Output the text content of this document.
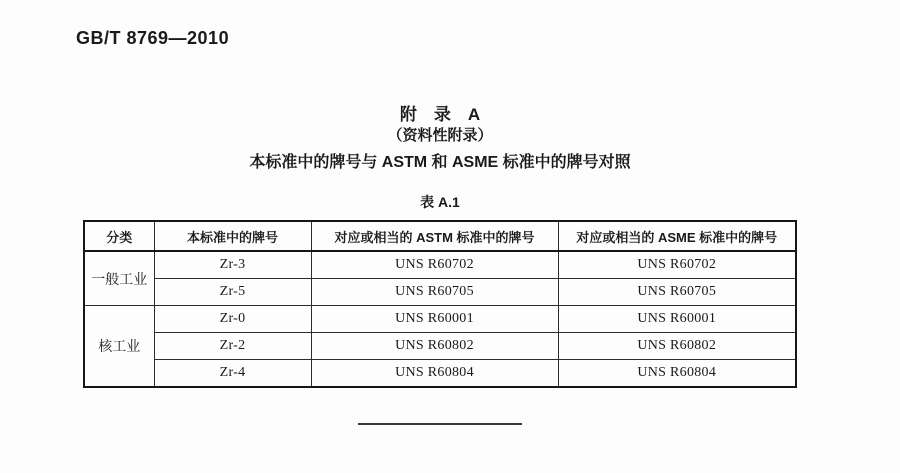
GB/T 8769—2010
附　录　A
（资料性附录）
本标准中的牌号与 ASTM 和 ASME 标准中的牌号对照
表 A.1
分类	本标准中的牌号	对应或相当的 ASTM 标准中的牌号	对应或相当的 ASME 标准中的牌号
一般工业	Zr-3	UNS R60702	UNS R60702
	Zr-5	UNS R60705	UNS R60705
核工业	Zr-0	UNS R60001	UNS R60001
	Zr-2	UNS R60802	UNS R60802
	Zr-4	UNS R60804	UNS R60804
